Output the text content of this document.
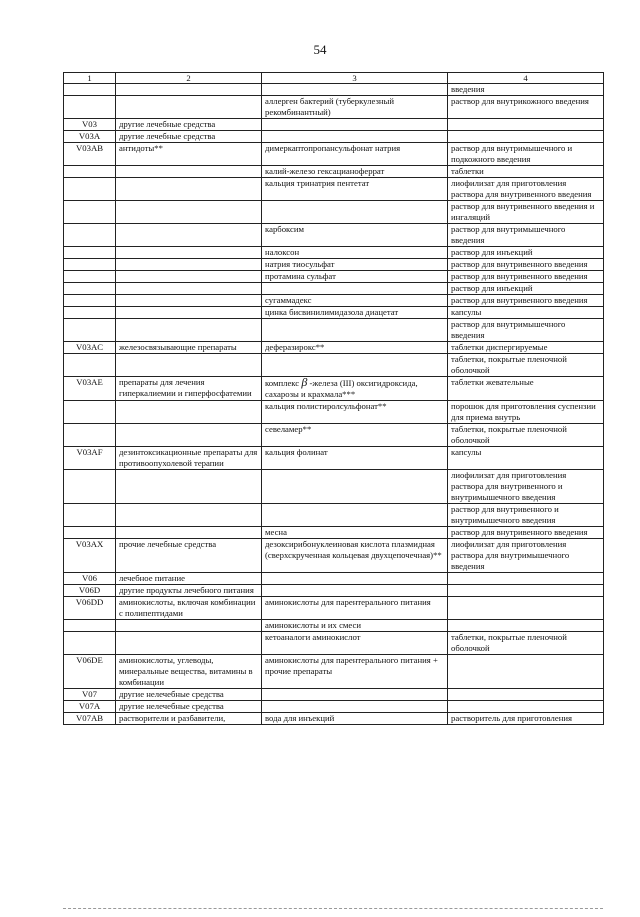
54
1	2	3	4
			введения
		аллерген бактерий (туберкулезный рекомбинантный)	раствор для внутрикожного введения
V03	другие лечебные средства		
V03A	другие лечебные средства		
V03AB	антидоты**	димеркаптопропансульфонат натрия	раствор для внутримышечного и подкожного введения
		калий-железо гексацианоферрат	таблетки
		кальция тринатрия пентетат	лиофилизат для приготовления раствора для внутривенного введения
			раствор для внутривенного введения и ингаляций
		карбоксим	раствор для внутримышечного введения
		налоксон	раствор для инъекций
		натрия тиосульфат	раствор для внутривенного введения
		протамина сульфат	раствор для внутривенного введения
			раствор для инъекций
		сугаммадекс	раствор для внутривенного введения
		цинка бисвинилимидазола диацетат	капсулы
			раствор для внутримышечного введения
V03AC	железосвязывающие препараты	деферазирокс**	таблетки диспергируемые
			таблетки, покрытые пленочной оболочкой
V03AE	препараты для лечения гиперкалиемии и гиперфосфатемии	комплекс β -железа (III) оксигидроксида, сахарозы и крахмала***	таблетки жевательные
		кальция полистиролсульфонат**	порошок для приготовления суспензии для приема внутрь
		севеламер**	таблетки, покрытые пленочной оболочкой
V03AF	дезинтоксикационные препараты для противоопухолевой терапии	кальция фолинат	капсулы
			лиофилизат для приготовления раствора для внутривенного и внутримышечного введения
			раствор для внутривенного и внутримышечного введения
		месна	раствор для внутривенного введения
V03AX	прочие лечебные средства	дезоксирибонуклеиновая кислота плазмидная (сверхскрученная кольцевая двухцепочечная)**	лиофилизат для приготовления раствора для внутримышечного введения
V06	лечебное питание		
V06D	другие продукты лечебного питания		
V06DD	аминокислоты, включая комбинации с полипептидами	аминокислоты для парентерального питания	
		аминокислоты и их смеси	
		кетоаналоги аминокислот	таблетки, покрытые пленочной оболочкой
V06DE	аминокислоты, углеводы, минеральные вещества, витамины в комбинации	аминокислоты для парентерального питания + прочие препараты	
V07	другие нелечебные средства		
V07A	другие нелечебные средства		
V07AB	растворители и разбавители,	вода для инъекций	растворитель для приготовления
